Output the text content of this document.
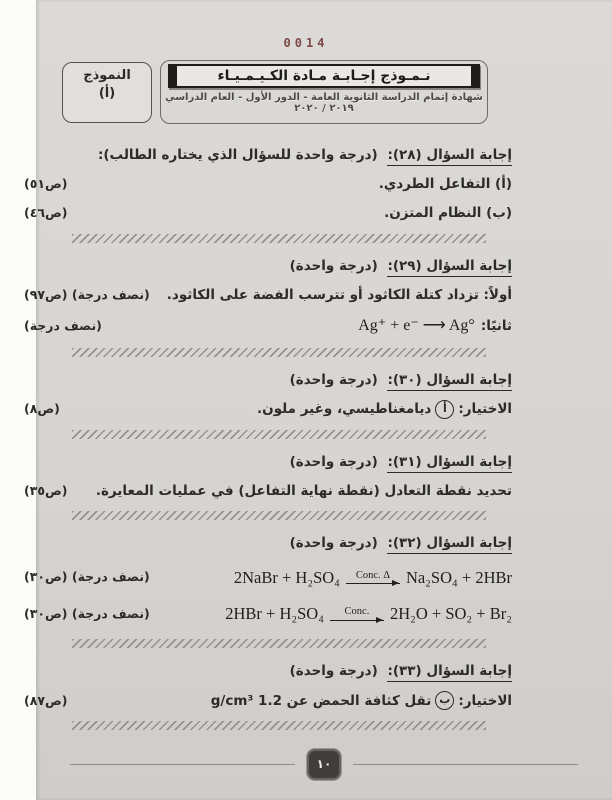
0014
النموذج
(أ)
نـمـوذج إجـابـة مـادة الكـيـمـيـاء
شهادة إتمام الدراسة الثانوية العامة - الدور الأول - العام الدراسي ٢٠١٩ / ٢٠٢٠
إجابة السؤال (٢٨): (درجة واحدة للسؤال الذي يختاره الطالب):
(أ) التفاعل الطردي.
(ص٥١)
(ب) النظام المتزن.
(ص٤٦)
إجابة السؤال (٢٩): (درجة واحدة)
أولاً: تزداد كتلة الكاثود أو تترسب الفضة على الكاثود.
(نصف درجة) (ص٩٧)
ثانيًا:
Ag⁺ + e⁻ ⟶ Ag°
(نصف درجة)
إجابة السؤال (٣٠): (درجة واحدة)
الاختيار:
أ
ديامغناطيسي، وغير ملون.
(ص٨)
إجابة السؤال (٣١): (درجة واحدة)
تحديد نقطة التعادل (نقطة نهاية التفاعل) في عمليات المعايرة.
(ص٣٥)
إجابة السؤال (٣٢): (درجة واحدة)
2NaBr + H₂SO₄ Conc. Δ Na₂SO₄ + 2HBr
(نصف درجة) (ص٣٠)
2HBr + H₂SO₄ Conc. 2H₂O + SO₂ + Br₂
(نصف درجة) (ص٣٠)
إجابة السؤال (٣٣): (درجة واحدة)
الاختيار:
ب
تقل كثافة الحمض عن 1.2 g/cm³
(ص٨٧)
١٠
